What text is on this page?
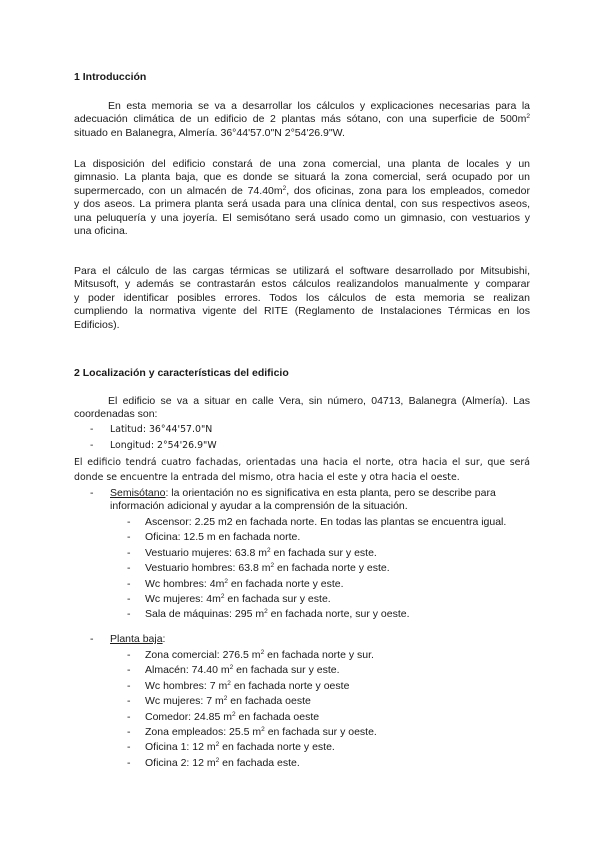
1 Introducción
En esta memoria se va a desarrollar los cálculos y explicaciones necesarias para la
adecuación climática de un edificio de 2 plantas más sótano, con una superficie de $500m^2$
situado en Balanegra, Almería. 36°44'57.0"N 2°54'26.9"W.
La disposición del edificio constará de una zona comercial, una planta de locales y un
gimnasio. La planta baja, que es donde se situará la zona comercial, será ocupado por un
supermercado, con un almacén de $74.40m^2$, dos oficinas, zona para los empleados, comedor
y dos aseos. La primera planta será usada para una clínica dental, con sus respectivos aseos,
una peluquería y una joyería. El semisótano será usado como un gimnasio, con vestuarios y
una oficina.
Para el cálculo de las cargas térmicas se utilizará el software desarrollado por Mitsubishi,
Mitsusoft, y además se contrastarán estos cálculos realizandolos manualmente y comparar
y poder identificar posibles errores. Todos los cálculos de esta memoria se realizan
cumpliendo la normativa vigente del RITE (Reglamento de Instalaciones Térmicas en los
Edificios).
2 Localización y características del edificio
El edificio se va a situar en calle Vera, sin número, 04713, Balanegra (Almería). Las
coordenadas son:
-	Latitud: 36°44'57.0"N
-	Longitud: 2°54'26.9"W
El edificio tendrá cuatro fachadas, orientadas una hacia el norte, otra hacia el sur, que será
donde se encuentre la entrada del mismo, otra hacia el este y otra hacia el oeste.
-	Semisótano: la orientación no es significativa en esta planta, pero se describe para
información adicional y ayudar a la comprensión de la situación.
-	Ascensor: 2.25 m2 en fachada norte. En todas las plantas se encuentra igual.
-	Oficina: 12.5 m en fachada norte.
-	Vestuario mujeres: 63.8 $m^2$ en fachada sur y este.
-	Vestuario hombres: 63.8 $m^2$ en fachada norte y este.
-	Wc hombres: $4m^2$ en fachada norte y este.
-	Wc mujeres: $4m^2$ en fachada sur y este.
-	Sala de máquinas: 295 $m^2$ en fachada norte, sur y oeste.
-	Planta baja:
-	Zona comercial: 276.5 $m^2$ en fachada norte y sur.
-	Almacén: 74.40 $m^2$ en fachada sur y este.
-	Wc hombres: 7 $m^2$ en fachada norte y oeste
-	Wc mujeres: 7 $m^2$ en fachada oeste
-	Comedor: 24.85 $m^2$ en fachada oeste
-	Zona empleados: 25.5 $m^2$ en fachada sur y oeste.
-	Oficina 1: 12 $m^2$ en fachada norte y este.
-	Oficina 2: 12 $m^2$ en fachada este.
